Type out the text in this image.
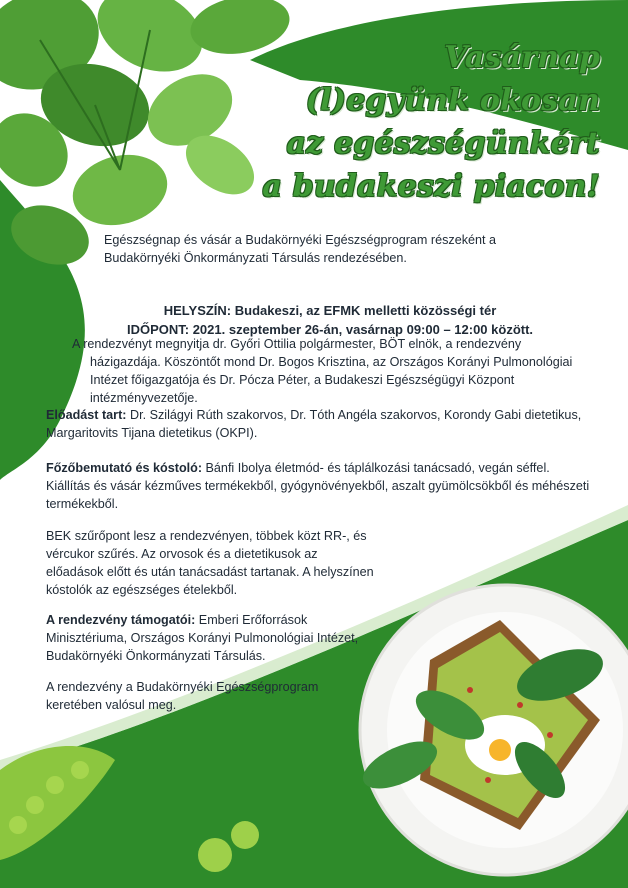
Vasárnap
(l)együnk okosan
az egészségünkért
a budakeszi piacon!

Egészségnap és vásár a Budakörnyéki Egészségprogram részeként a Budakörnyéki Önkormányzati Társulás rendezésében.

HELYSZÍN: Budakeszi, az EFMK melletti közösségi tér
IDŐPONT: 2021. szeptember 26-án, vasárnap 09:00 – 12:00 között.

A rendezvényt megnyitja dr. Győri Ottilia polgármester, BÖT elnök, a rendezvény
házigazdája. Köszöntőt mond Dr. Bogos Krisztina, az Országos Korányi Pulmonológiai Intézet főigazgatója és Dr. Pócza Péter, a Budakeszi Egészségügyi Központ intézményvezetője.

Előadást tart: Dr. Szilágyi Rúth szakorvos, Dr. Tóth Angéla szakorvos, Korondy Gabi dietetikus, Margaritovits Tijana dietetikus (OKPI).

Főzőbemutató és kóstoló: Bánfi Ibolya életmód- és táplálkozási tanácsadó, vegán séffel. Kiállítás és vásár kézműves termékekből, gyógynövényekből, aszalt gyümölcsökből és méhészeti termékekből.

BEK szűrőpont lesz a rendezvényen, többek közt RR-, és vércukor szűrés. Az orvosok és a dietetikusok az előadások előtt és után tanácsadást tartanak. A helyszínen kóstolók az egészséges ételekből.

A rendezvény támogatói: Emberi Erőforrások Minisztériuma, Országos Korányi Pulmonológiai Intézet, Budakörnyéki Önkormányzati Társulás.

A rendezvény a Budakörnyéki Egészségprogram keretében valósul meg.
